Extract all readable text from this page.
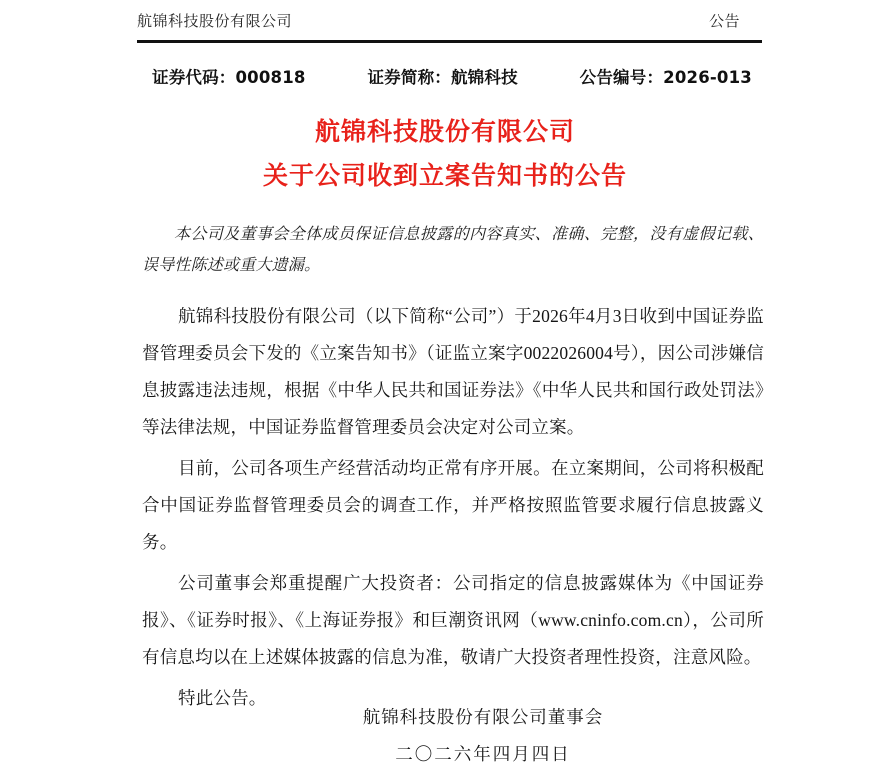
航锦科技股份有限公司	公告
证券代码：000818	证券简称：航锦科技	公告编号：2026-013
航锦科技股份有限公司
关于公司收到立案告知书的公告

本公司及董事会全体成员保证信息披露的内容真实、准确、完整，没有虚假记载、误导性陈述或重大遗漏。

航锦科技股份有限公司（以下简称“公司”）于2026年4月3日收到中国证券监督管理委员会下发的《立案告知书》（证监立案字0022026004号），因公司涉嫌信息披露违法违规，根据《中华人民共和国证券法》《中华人民共和国行政处罚法》等法律法规，中国证券监督管理委员会决定对公司立案。

目前，公司各项生产经营活动均正常有序开展。在立案期间，公司将积极配合中国证券监督管理委员会的调查工作，并严格按照监管要求履行信息披露义务。

公司董事会郑重提醒广大投资者：公司指定的信息披露媒体为《中国证券报》、《证券时报》、《上海证券报》和巨潮资讯网（www.cninfo.com.cn），公司所有信息均以在上述媒体披露的信息为准，敬请广大投资者理性投资，注意风险。

特此公告。

航锦科技股份有限公司董事会
二〇二六年四月四日
